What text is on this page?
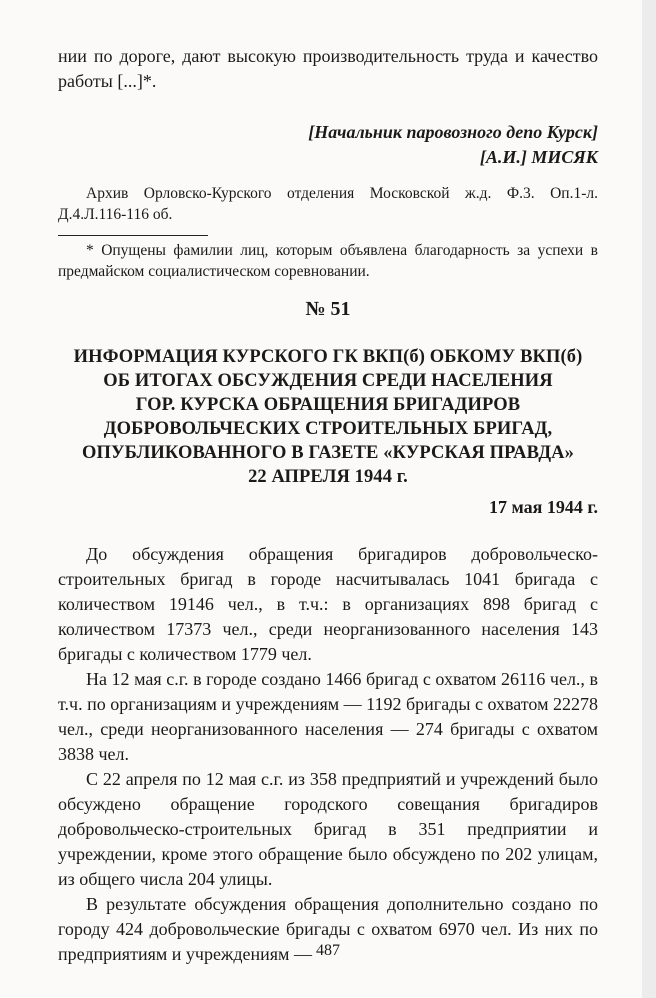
нии по дороге, дают высокую производительность труда и качество работы [...]*.

[Начальник паровозного депо Курск]

[А.И.] МИСЯК

Архив Орловско-Курского отделения Московской ж.д. Ф.3. Оп.1-л. Д.4.Л.116-116 об.

* Опущены фамилии лиц, которым объявлена благодарность за успехи в предмайском социалистическом соревновании.

№ 51

ИНФОРМАЦИЯ КУРСКОГО ГК ВКП(б) ОБКОМУ ВКП(б)

ОБ ИТОГАХ ОБСУЖДЕНИЯ СРЕДИ НАСЕЛЕНИЯ

ГОР. КУРСКА ОБРАЩЕНИЯ БРИГАДИРОВ

ДОБРОВОЛЬЧЕСКИХ СТРОИТЕЛЬНЫХ БРИГАД,

ОПУБЛИКОВАННОГО В ГАЗЕТЕ «КУРСКАЯ ПРАВДА»

22 АПРЕЛЯ 1944 г.

17 мая 1944 г.

До обсуждения обращения бригадиров добровольческо-строительных бригад в городе насчитывалась 1041 бригада с количеством 19146 чел., в т.ч.: в организациях 898 бригад с количеством 17373 чел., среди неорганизованного населения 143 бригады с количеством 1779 чел.

На 12 мая с.г. в городе создано 1466 бригад с охватом 26116 чел., в т.ч. по организациям и учреждениям — 1192 бригады с охватом 22278 чел., среди неорганизованного населения — 274 бригады с охватом 3838 чел.

С 22 апреля по 12 мая с.г. из 358 предприятий и учреждений было обсуждено обращение городского совещания бригадиров добровольческо-строительных бригад в 351 предприятии и учреждении, кроме этого обращение было обсуждено по 202 улицам, из общего числа 204 улицы.

В результате обсуждения обращения дополнительно создано по городу 424 добровольческие бригады с охватом 6970 чел. Из них по предприятиям и учреждениям — 487
